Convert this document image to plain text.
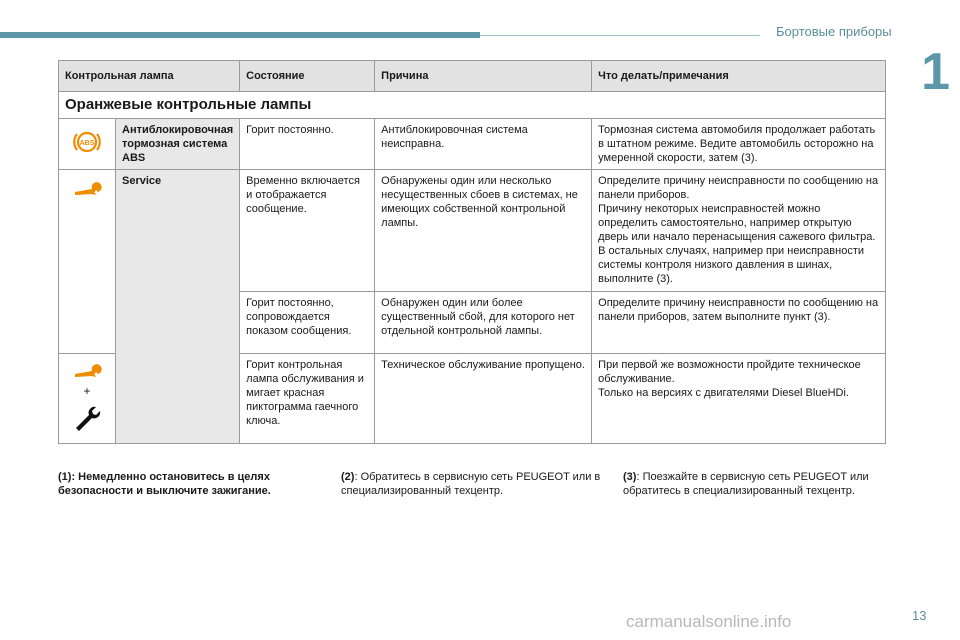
Бортовые приборы
1
Контрольная лампа		Состояние	Причина	Что делать/примечания
Оранжевые контрольные лампы				

ABS	Антиблокировочная тормозная система ABS	Горит постоянно.	Антиблокировочная система неисправна.	Тормозная система автомобиля продолжает работать в штатном режиме. Ведите автомобиль осторожно на умеренной скорости, затем (3).
	Service	Временно включается и отображается сообщение.	Обнаружены один или несколько несущественных сбоев в системах, не имеющих собственной контрольной лампы.	Определите причину неисправности по сообщению на панели приборов.
Причину некоторых неисправностей можно определить самостоятельно, например открытую дверь или начало перенасыщения сажевого фильтра.
В остальных случаях, например при неисправности системы контроля низкого давления в шинах, выполните (3).

		Горит постоянно, сопровождается показом сообщения.	Обнаружен один или более существенный сбой, для которого нет отдельной контрольной лампы.	Определите причину неисправности по сообщению на панели приборов, затем выполните пункт (3).

+		Горит контрольная лампа обслуживания и мигает красная пиктограмма гаечного ключа.	Техническое обслуживание пропущено.	При первой же возможности пройдите техническое обслуживание.
Только на версиях с двигателями Diesel BlueHDi.
(1): Немедленно остановитесь в целях безопасности и выключите зажигание.
(2): Обратитесь в сервисную сеть PEUGEOT или в специализированный техцентр.
(3): Поезжайте в сервисную сеть PEUGEOT или обратитесь в специализированный техцентр.
carmanualsonline.info	13
